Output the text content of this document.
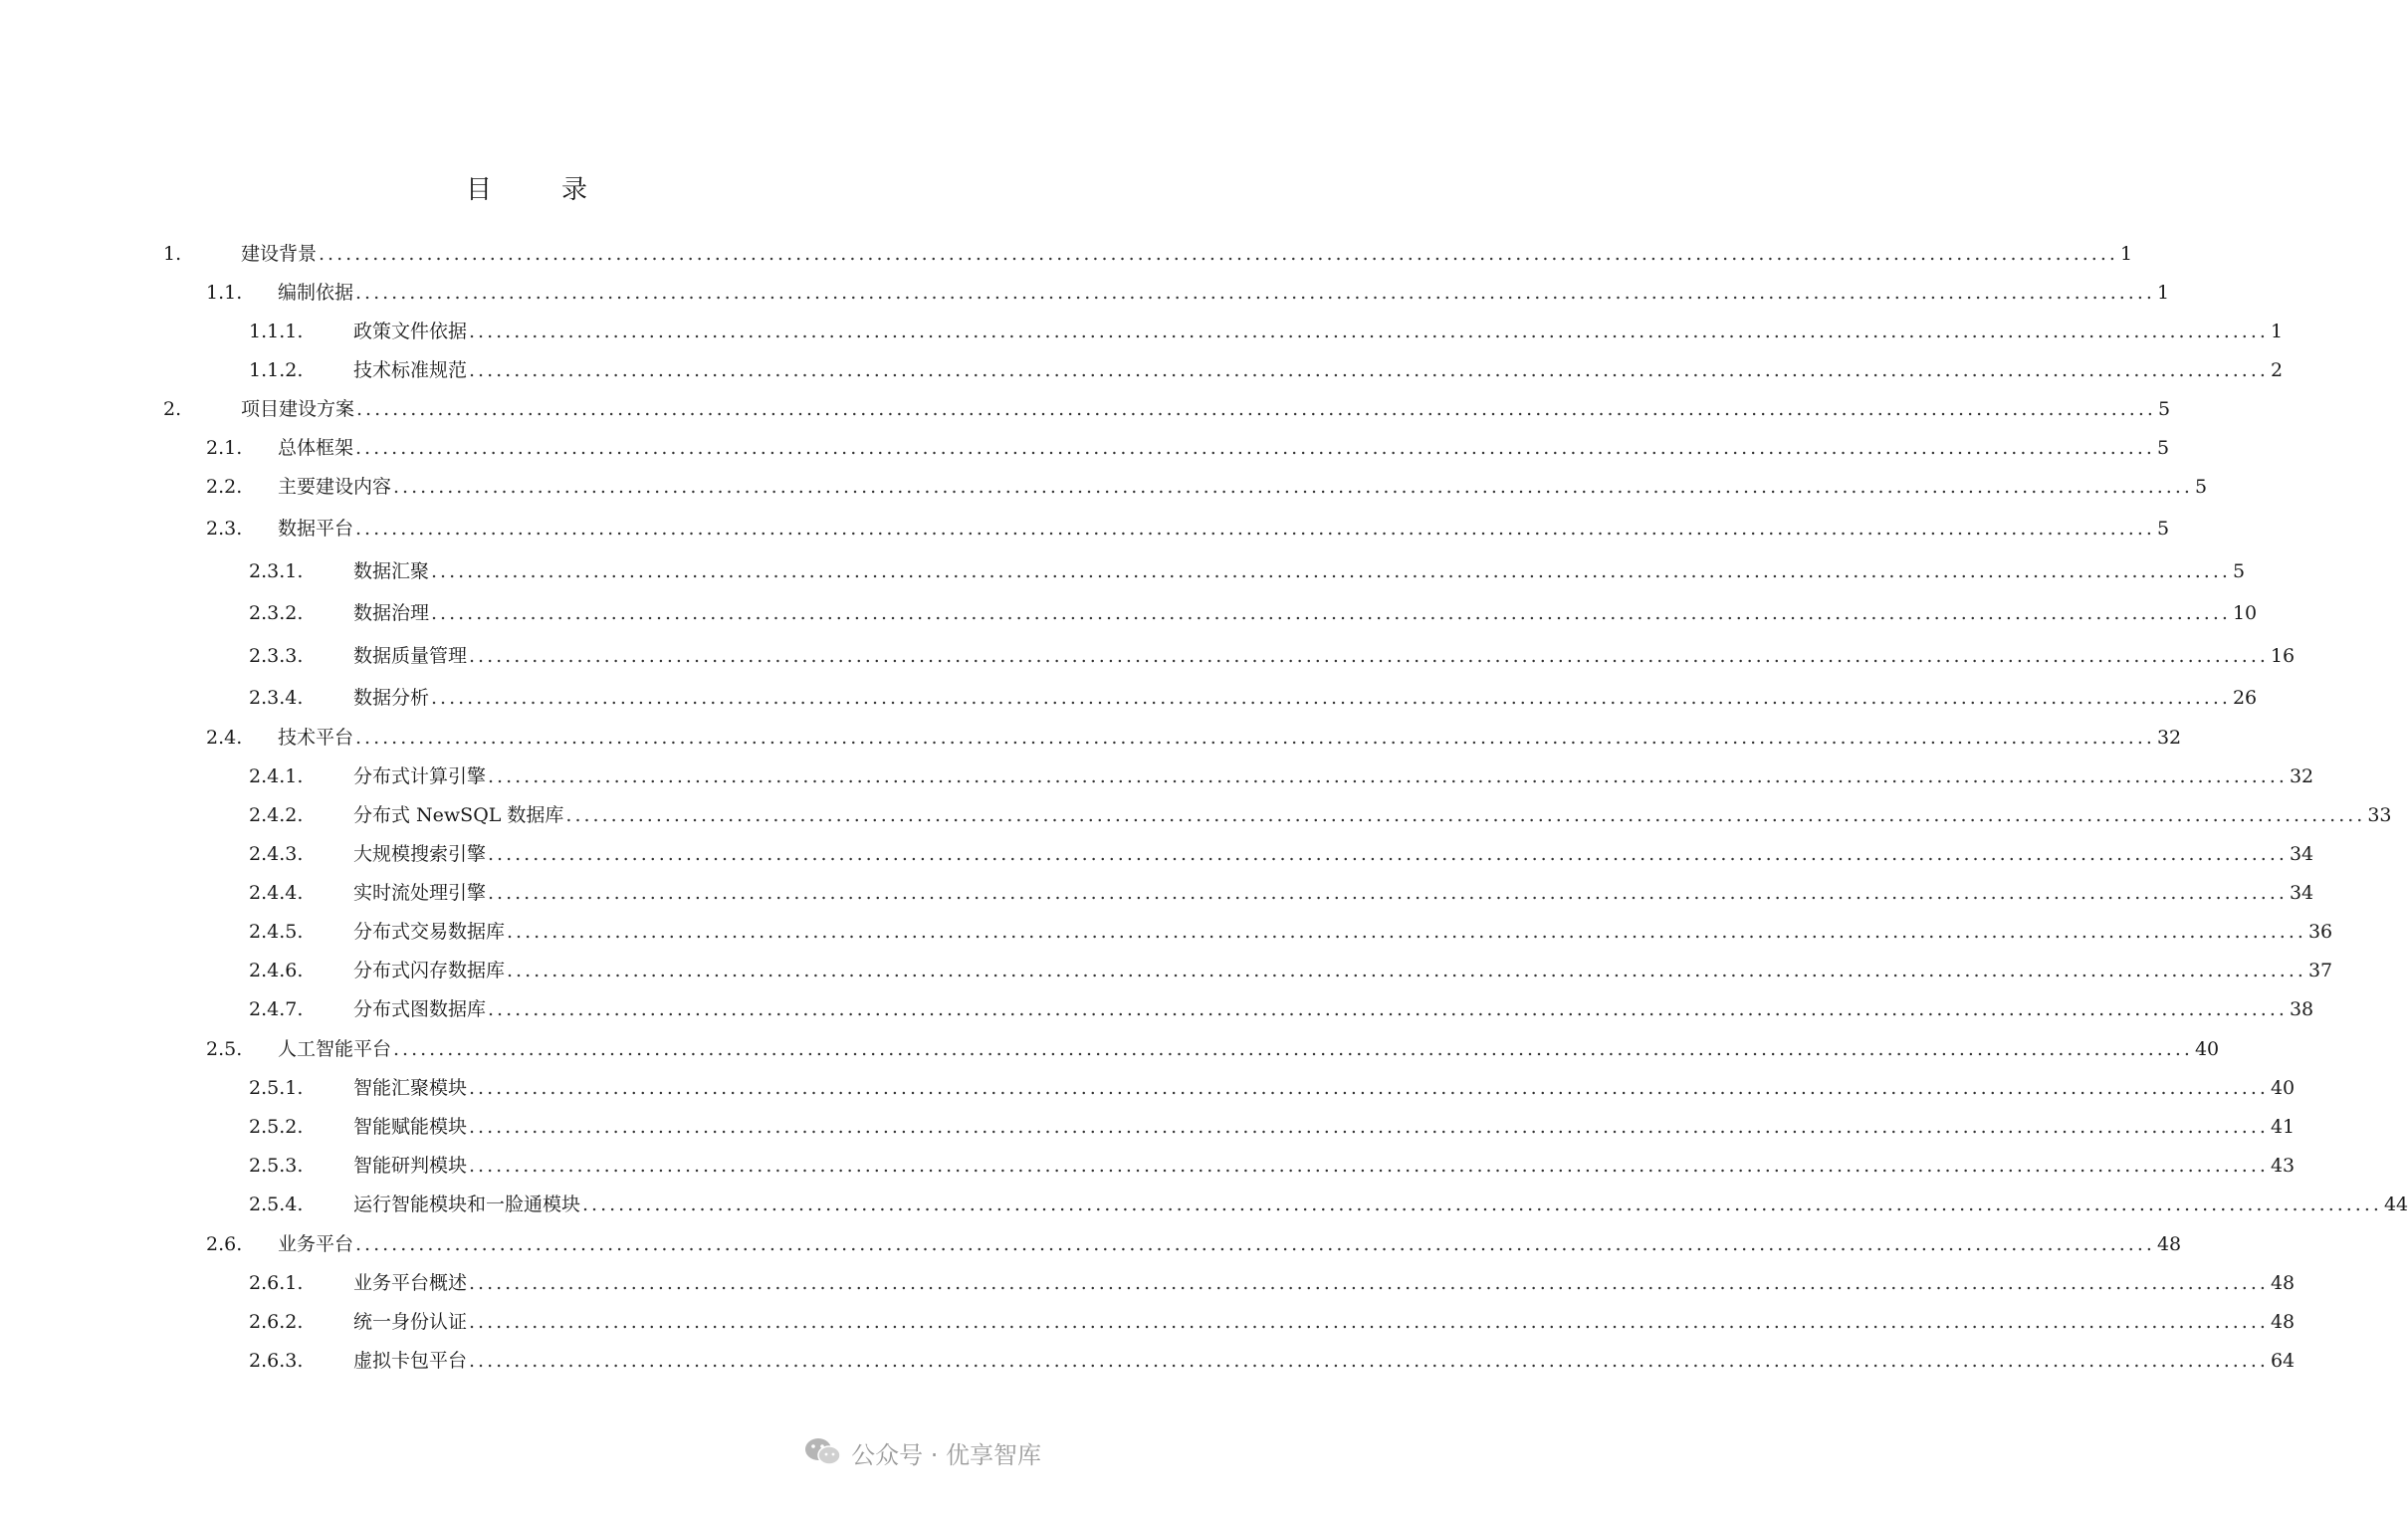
目　录
1.	建设背景 ........................................................................................................................................................................................................ 1
1.1. 编制依据 ........................................................................................................................................................................................................ 1
1.1.1.	政策文件依据 ........................................................................................................................................................................................................ 1
1.1.2.	技术标准规范 ........................................................................................................................................................................................................ 2
2.	项目建设方案 ........................................................................................................................................................................................................ 5
2.1. 总体框架 ........................................................................................................................................................................................................ 5
2.2. 主要建设内容 ........................................................................................................................................................................................................ 5
2.3. 数据平台 ........................................................................................................................................................................................................ 5
2.3.1.	数据汇聚 ........................................................................................................................................................................................................ 5
2.3.2.	数据治理 ........................................................................................................................................................................................................ 10
2.3.3.	数据质量管理 ........................................................................................................................................................................................................ 16
2.3.4.	数据分析 ........................................................................................................................................................................................................ 26
2.4. 技术平台 ........................................................................................................................................................................................................ 32
2.4.1.	分布式计算引擎 ........................................................................................................................................................................................................ 32
2.4.2.	分布式 NewSQL 数据库 ........................................................................................................................................................................................................ 33
2.4.3.	大规模搜索引擎 ........................................................................................................................................................................................................ 34
2.4.4.	实时流处理引擎 ........................................................................................................................................................................................................ 34
2.4.5.	分布式交易数据库 ........................................................................................................................................................................................................ 36
2.4.6.	分布式闪存数据库 ........................................................................................................................................................................................................ 37
2.4.7.	分布式图数据库 ........................................................................................................................................................................................................ 38
2.5. 人工智能平台 ........................................................................................................................................................................................................ 40
2.5.1.	智能汇聚模块 ........................................................................................................................................................................................................ 40
2.5.2.	智能赋能模块 ........................................................................................................................................................................................................ 41
2.5.3.	智能研判模块 ........................................................................................................................................................................................................ 43
2.5.4.	运行智能模块和一脸通模块 ........................................................................................................................................................................................................ 44
2.6. 业务平台 ........................................................................................................................................................................................................ 48
2.6.1.	业务平台概述 ........................................................................................................................................................................................................ 48
2.6.2.	统一身份认证 ........................................................................................................................................................................................................ 48
2.6.3.	虚拟卡包平台 ........................................................................................................................................................................................................ 64
公众号 · 优享智库
